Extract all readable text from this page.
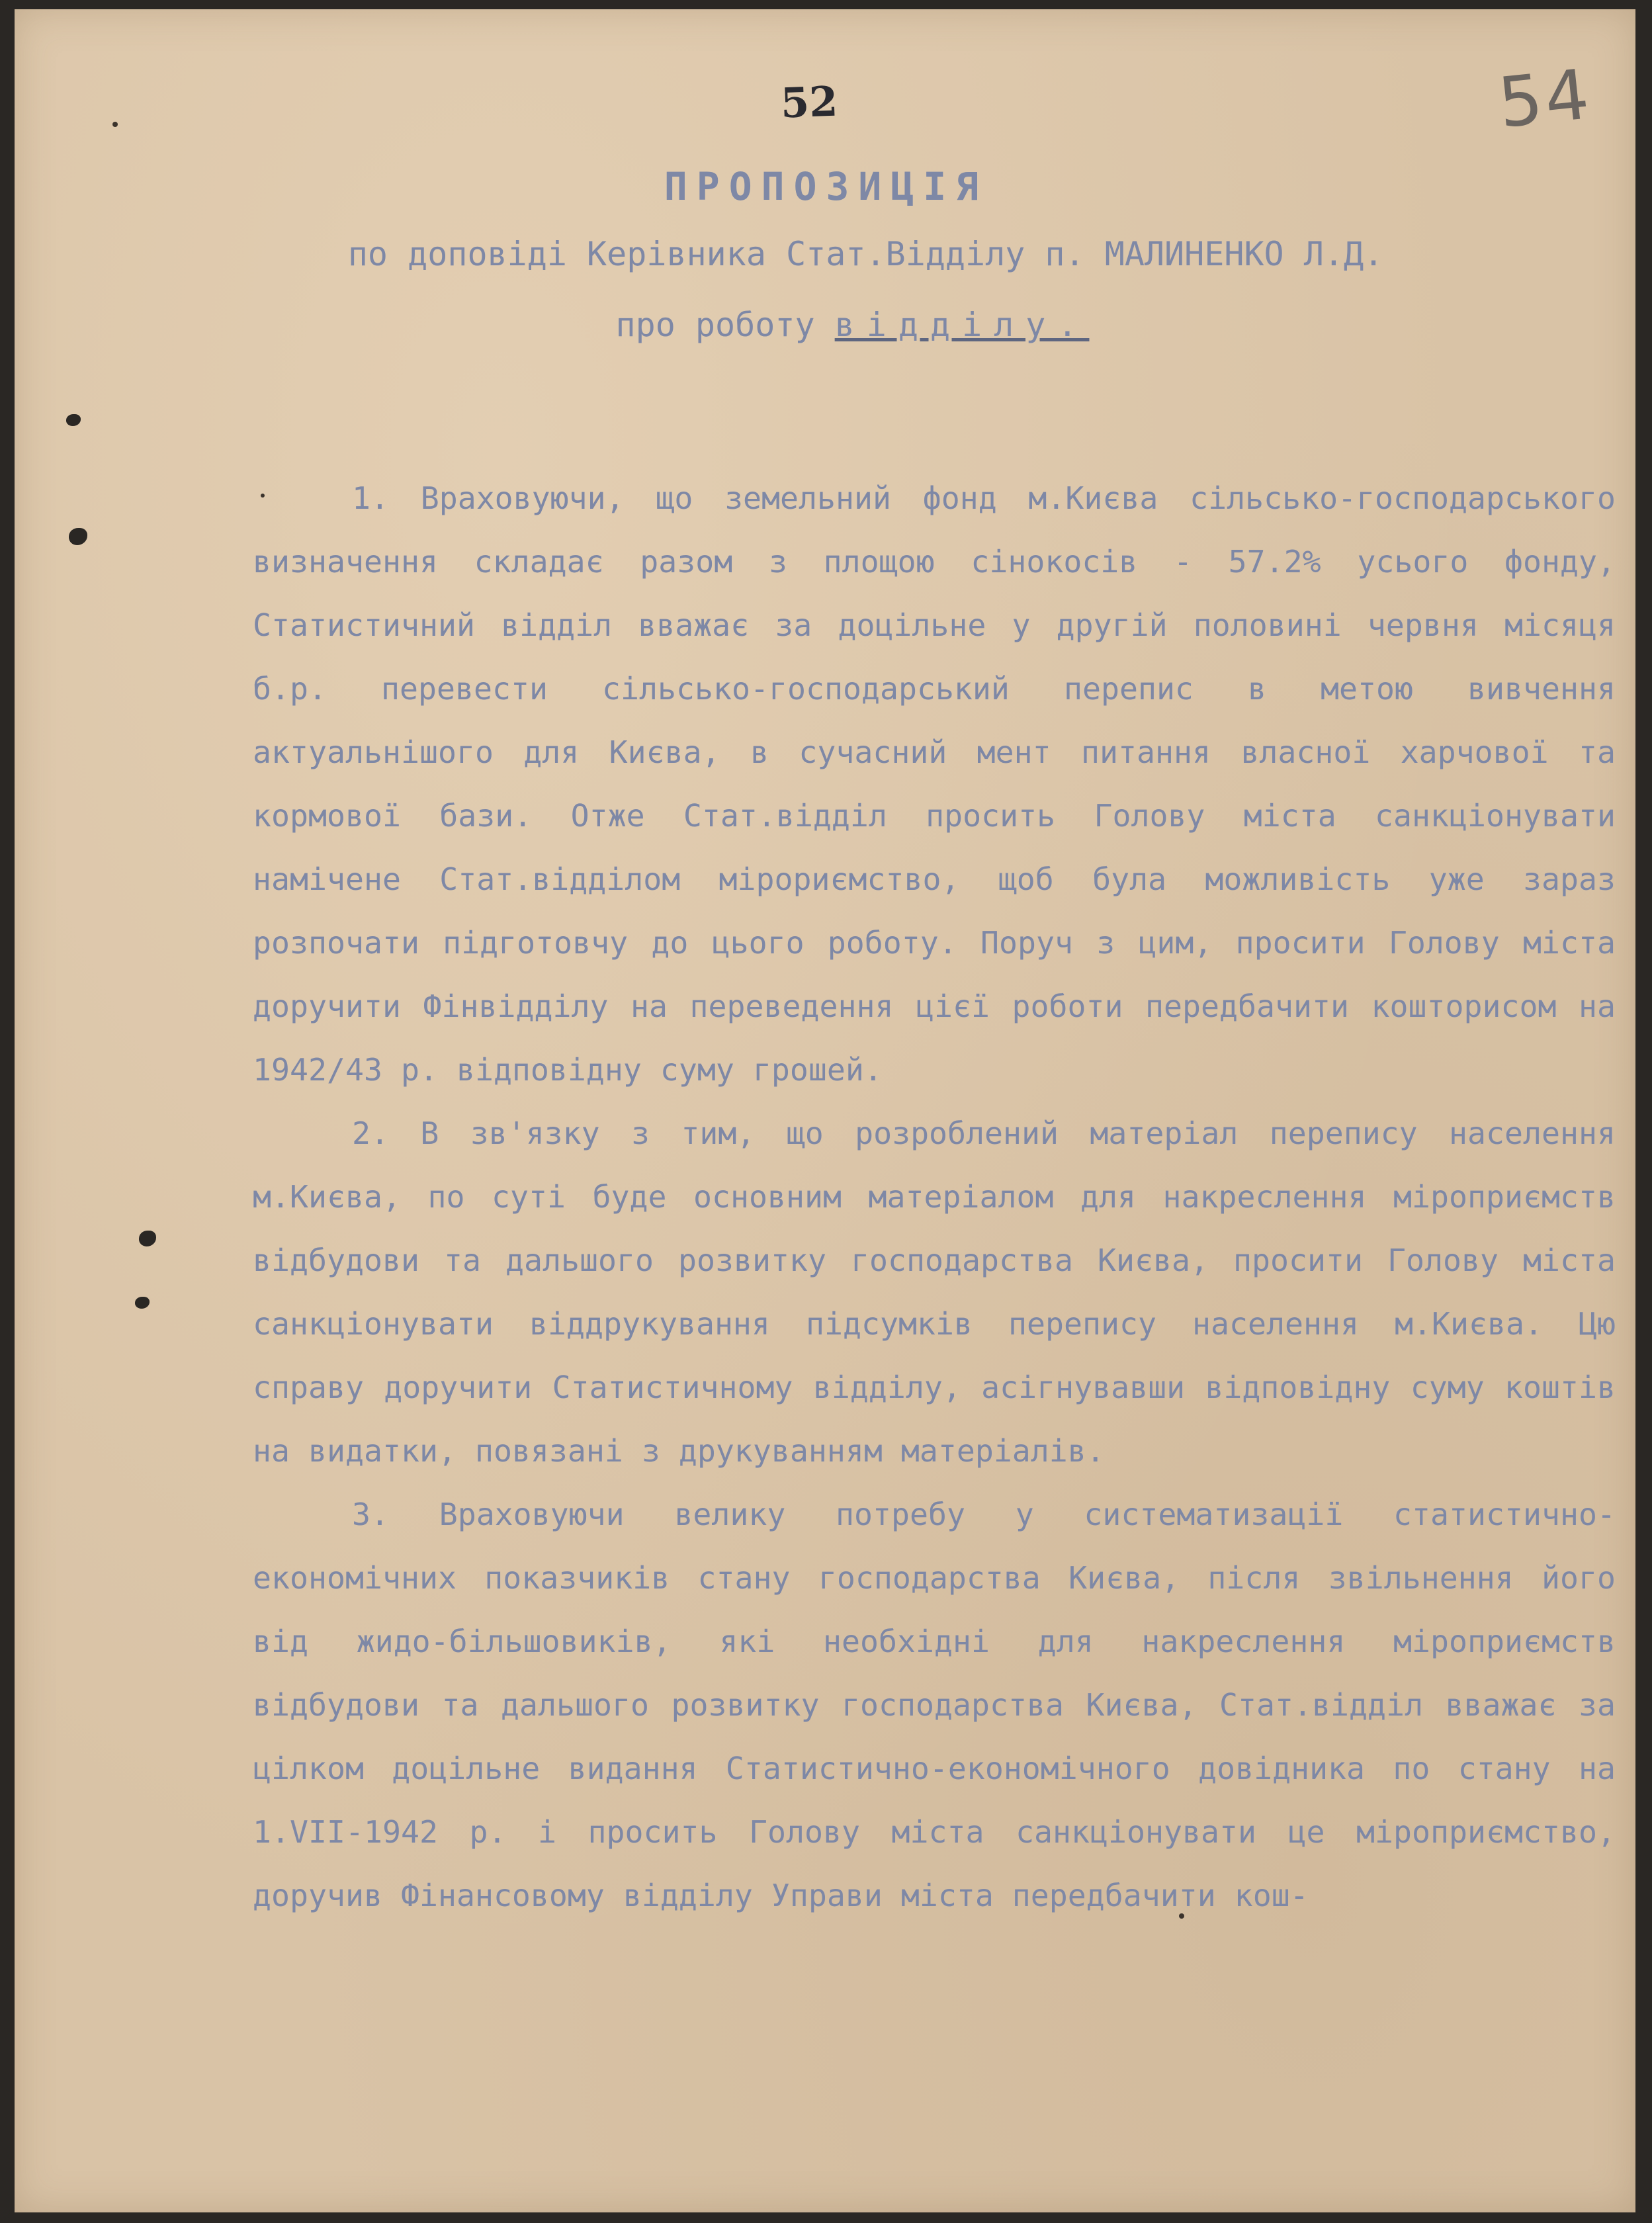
52	54
ПРОПОЗИЦІЯ
по доповіді Керівника Стат.Відділу п. МАЛИНЕНКО Л.Д.
про роботу відділу.

1. Враховуючи, що земельний фонд м.Києва сільсько-господарського визначення складає разом з площою сінокосів - 57.2% усього фонду, Статистичний відділ вважає за доцільне у другій половині червня місяця б.р. перевести сільсько-господарський перепис в метою вивчення актуальнішого для Києва, в сучасний мент питання власної харчової та кормової бази. Отже Стат.відділ просить Голову міста санкціонувати намічене Стат.відділом мірориємство, щоб була можливість уже зараз розпочати підготовчу до цього роботу. Поруч з цим, просити Голову міста доручити Фінвідділу на переведення цієї роботи передбачити кошторисом на 1942/43 р. відповідну суму грошей.

2. В зв'язку з тим, що розроблений матеріал перепису населення м.Києва, по суті буде основним матеріалом для накреслення міроприємств відбудови та дальшого розвитку господарства Києва, просити Голову міста санкціонувати віддрукування підсумків перепису населення м.Києва. Цю справу доручити Статистичному відділу, асігнувавши відповідну суму коштів на видатки, повязані з друкуванням матеріалів.

3. Враховуючи велику потребу у систематизації статистично-економічних показчиків стану господарства Києва, після звільнення його від жидо-більшовиків, які необхідні для накреслення міроприємств відбудови та дальшого розвитку господарства Києва, Стат.відділ вважає за цілком доцільне видання Статистично-економічного довідника по стану на 1.VII-1942 р. і просить Голову міста санкціонувати це міроприємство, доручив Фінансовому відділу Управи міста передбачити кош-
